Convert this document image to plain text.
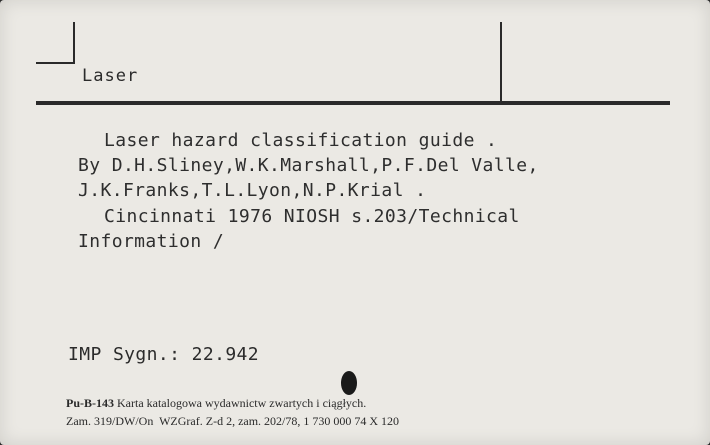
Laser
Laser hazard classification guide .
By D.H.Sliney,W.K.Marshall,P.F.Del Valle,
J.K.Franks,T.L.Lyon,N.P.Krial .
Cincinnati 1976 NIOSH s.203/Technical
Information /
IMP Sygn.: 22.942
Pu-B-143 Karta katalogowa wydawnictw zwartych i ciągłych.
Zam. 319/DW/On  WZGraf. Z-d 2, zam. 202/78, 1 730 000 74 X 120
